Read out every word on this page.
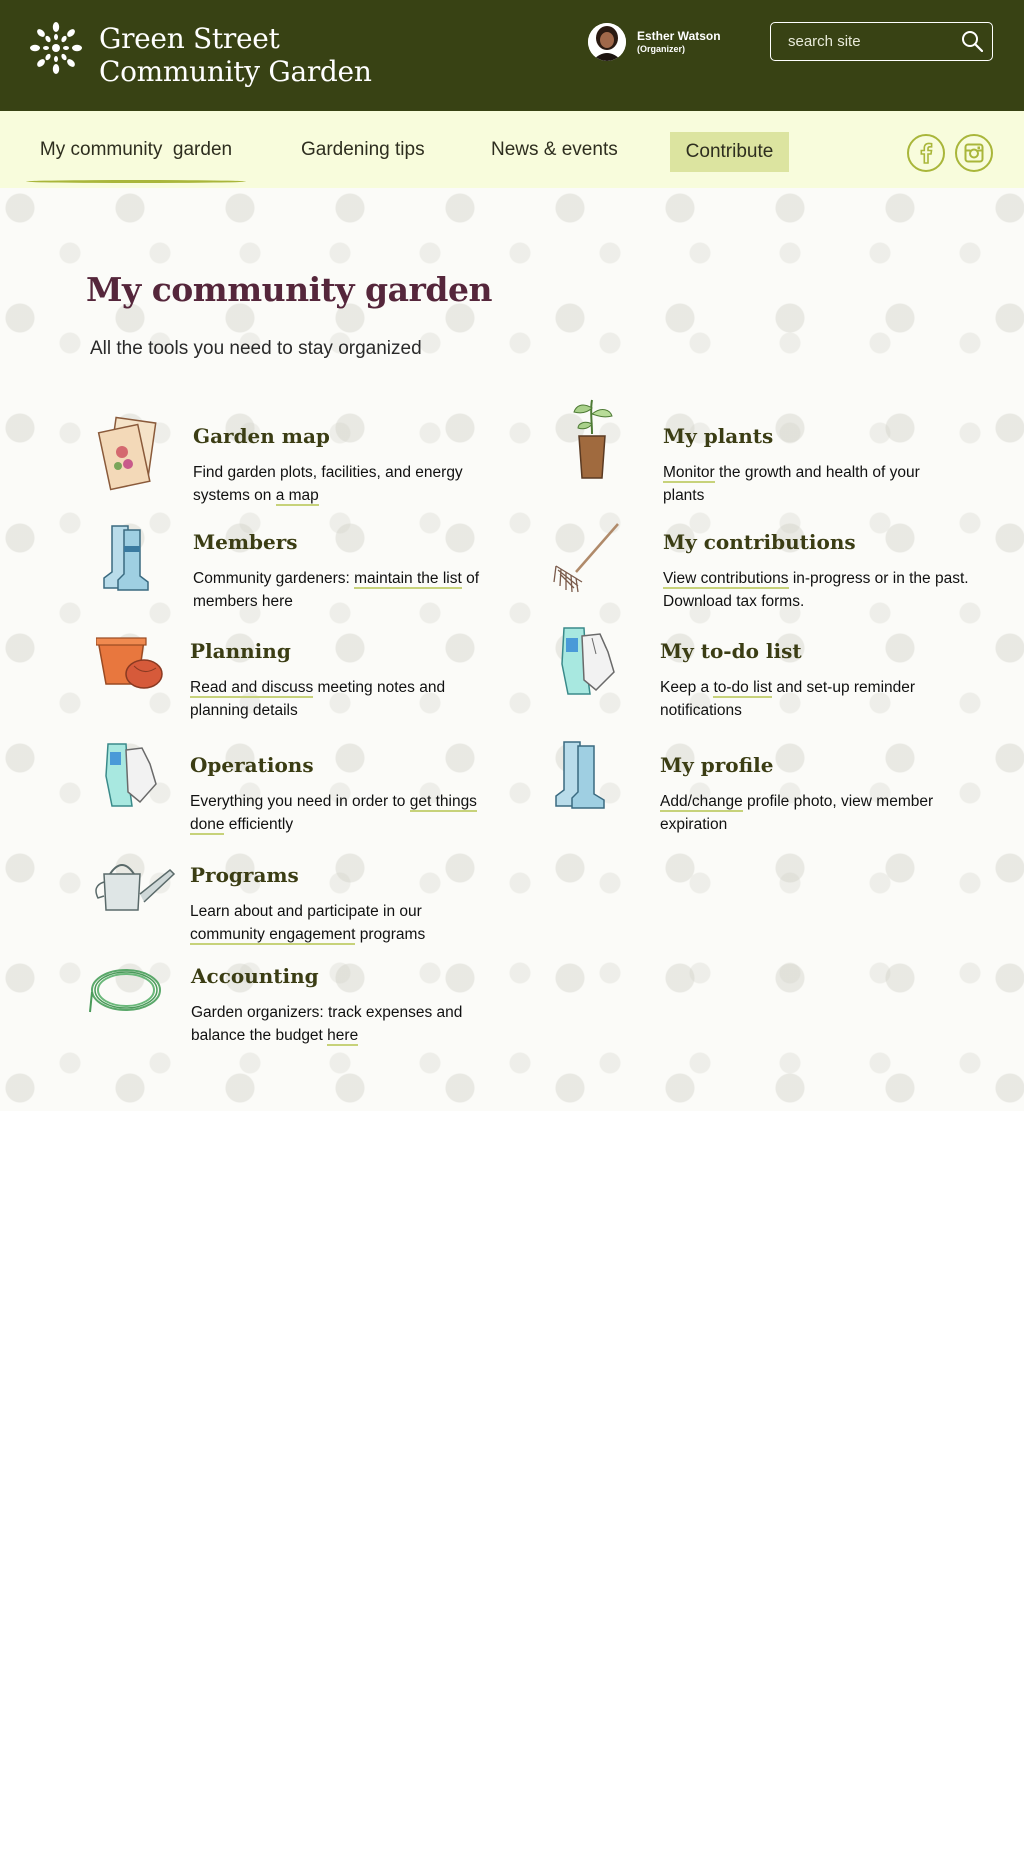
Green Street
Community Garden
Esther Watson
(Organizer)
search site
My community  garden	Gardening tips	News & events	Contribute
My community garden

All the tools you need to stay organized

Garden map

Find garden plots, facilities, and energy systems on a map

My plants

Monitor the growth and health of your plants

Members

Community gardeners: maintain the list of members here

My contributions

View contributions in-progress or in the past. Download tax forms.

Planning

Read and discuss meeting notes and planning details

My to-do list

Keep a to-do list and set-up reminder notifications

Operations

Everything you need in order to get things done efficiently

My profile

Add/change profile photo, view member expiration

Programs

Learn about and participate in our community engagement programs

Accounting

Garden organizers: track expenses and balance the budget here
